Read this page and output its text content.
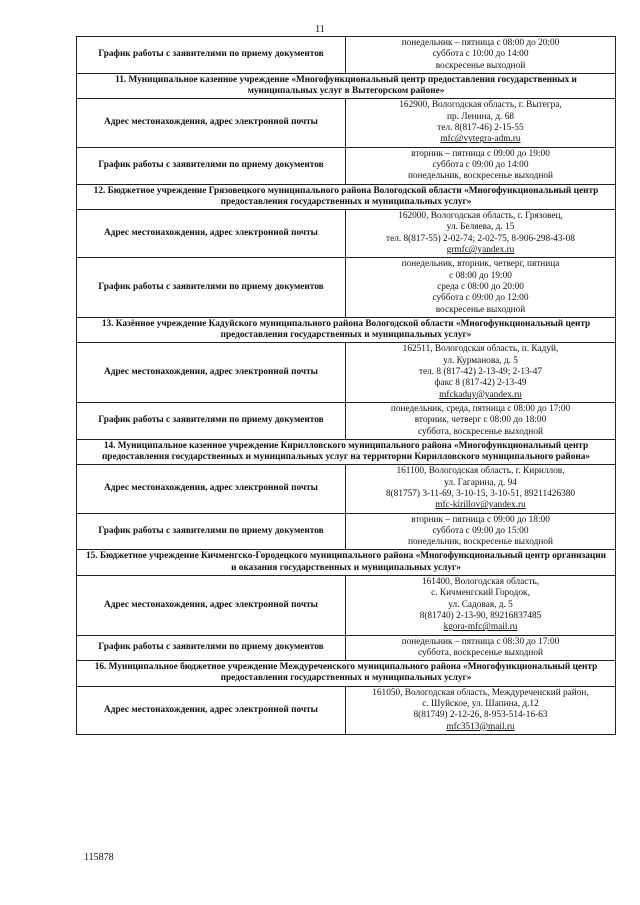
11
График работы с заявителями по приему документов	понедельник – пятница с 08:00 до 20:00
суббота с 10:00 до 14:00
воскресенье выходной

11. Муниципальное казенное учреждение «Многофункциональный центр предоставления государственных и муниципальных услуг в Вытегорском районе»	
Адрес местонахождения, адрес электронной почты	162900, Вологодская область, г. Вытегра,
пр. Ленина, д. 68
тел. 8(817-46) 2-15-55
mfc@vytegra-adm.ru

График работы с заявителями по приему документов	вторник – пятница с 09:00 до 19:00
суббота с 09:00 до 14:00
понедельник, воскресенье выходной

12. Бюджетное учреждение Грязовецкого муниципального района Вологодской области «Многофункциональный центр предоставления государственных и муниципальных услуг»	
Адрес местонахождения, адрес электронной почты	162000, Вологодская область, г. Грязовец,
ул. Беляева, д. 15
тел. 8(817-55) 2-02-74; 2-02-75, 8-906-298-43-08
grmfc@yandex.ru

График работы с заявителями по приему документов	понедельник, вторник, четверг, пятница
с 08:00 до 19:00
среда с 08:00 до 20:00
суббота с 09:00 до 12:00
воскресенье выходной

13. Казённое учреждение Кадуйского муниципального района Вологодской области «Многофункциональный центр предоставления государственных и муниципальных услуг»	
Адрес местонахождения, адрес электронной почты	162511, Вологодская область, п. Кадуй,
ул. Курманова, д. 5
тел. 8 (817-42) 2-13-49; 2-13-47
факс 8 (817-42) 2-13-49
mfckaduy@yandex.ru

График работы с заявителями по приему документов	понедельник, среда, пятница с 08:00 до 17:00
вторник, четверг с 08:00 до 18:00
суббота, воскресенье выходной

14. Муниципальное казенное учреждение Кирилловского муниципального района «Многофункциональный центр предоставления государственных и муниципальных услуг на территории Кирилловского муниципального района»	
Адрес местонахождения, адрес электронной почты	161100, Вологодская область, г. Кириллов,
ул. Гагарина, д. 94
8(81757) 3-11-69, 3-10-15, 3-10-51, 89211426380
mfc-kirillov@yandex.ru

График работы с заявителями по приему документов	вторник – пятница с 09:00 до 18:00
суббота с 09:00 до 15:00
понедельник, воскресенье выходной

15. Бюджетное учреждение Кичменгско-Городецкого муниципального района «Многофункциональный центр организации и оказания государственных и муниципальных услуг»	
Адрес местонахождения, адрес электронной почты	161400, Вологодская область,
с. Кичменгский Городок,
ул. Садовая, д. 5
8(81740) 2-13-90, 89216837485
kgora-mfc@mail.ru

График работы с заявителями по приему документов	понедельник – пятница с 08:30 до 17:00
суббота, воскресенье выходной

16. Муниципальное бюджетное учреждение Междуреченского муниципального района «Многофункциональный центр предоставления государственных и муниципальных услуг»	
Адрес местонахождения, адрес электронной почты	161050, Вологодская область, Междуреченский район,
с. Шуйское, ул. Шапина, д.12
8(81749) 2-12-26, 8-953-514-16-63
mfc3513@mail.ru
115878
